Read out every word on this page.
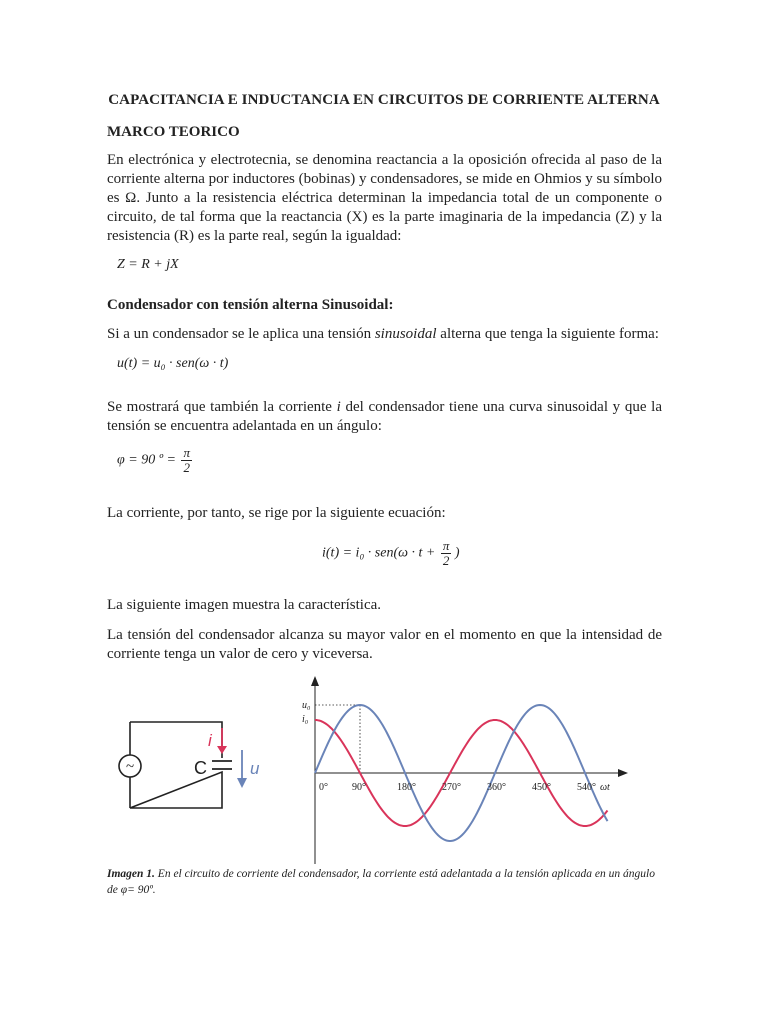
CAPACITANCIA E INDUCTANCIA EN CIRCUITOS DE CORRIENTE ALTERNA
MARCO TEORICO
En electrónica y electrotecnia, se denomina reactancia a la oposición ofrecida al paso de la corriente alterna por inductores (bobinas) y condensadores, se mide en Ohmios y su símbolo es Ω. Junto a la resistencia eléctrica determinan la impedancia total de un componente o circuito, de tal forma que la reactancia (X) es la parte imaginaria de la impedancia (Z) y la resistencia (R) es la parte real, según la igualdad:
Z = R + jX
Condensador con tensión alterna Sinusoidal:
Si a un condensador se le aplica una tensión sinusoidal alterna que tenga la siguiente forma:
u(t) = u₀ · sen(ω · t)
Se mostrará que también la corriente i del condensador tiene una curva sinusoidal y que la tensión se encuentra adelantada en un ángulo:
φ = 90 º = $\frac{\pi}{2}$
La corriente, por tanto, se rige por la siguiente ecuación:
$i(t) = i_0 \cdot sen(\omega \cdot t + \frac{\pi}{2}$ )
La siguiente imagen muestra la característica.
La tensión del condensador alcanza su mayor valor en el momento en que la intensidad de corriente tenga un valor de cero y viceversa.
~	C
i
u
u₀
i₀
0° 90°	180°	270°	360°	450°	540° ωt
Imagen 1. En el circuito de corriente del condensador, la corriente está adelantada a la tensión aplicada en un ángulo de φ= 90º.
